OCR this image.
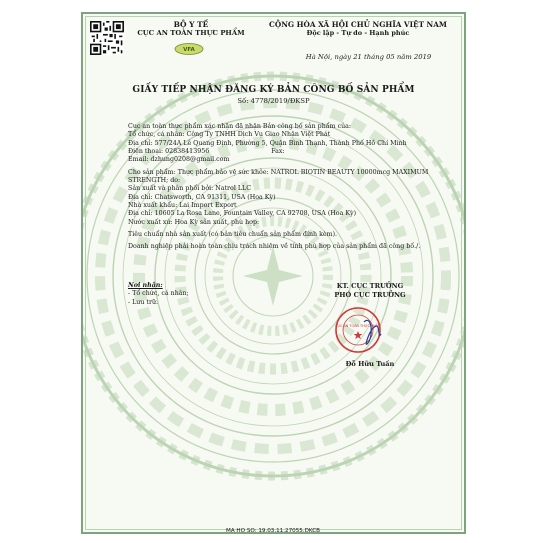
BỘ Y TẾ
CỤC AN TOÀN THỰC PHẨM
VFA
CỘNG HÒA XÃ HỘI CHỦ NGHĨA VIỆT NAM
Độc lập - Tự do - Hạnh phúc
Hà Nội, ngày 21 tháng 05 năm 2019
GIẤY TIẾP NHẬN ĐĂNG KÝ BẢN CÔNG BỐ SẢN PHẨM
Số: 4778/2019/ĐKSP
Cục an toàn thực phẩm xác nhận đã nhận Bản công bố sản phẩm của:
Tổ chức, cá nhân: Công Ty TNHH Dịch Vụ Giao Nhận Việt Phát
Địa chỉ: 577/24A Lê Quang Định, Phường 5, Quận Bình Thạnh, Thành Phố Hồ Chí Minh
Điện thoại: 02838413956	Fax:
Email: dzhung0208@gmail.com
Cho sản phẩm: Thực phẩm bảo vệ sức khỏe: NATROL BIOTIN BEAUTY 10000mcg MAXIMUM STRENGTH; do:
Sản xuất và phân phối bởi: Natrol LLC
Địa chỉ: Chatsworth, CA 91311, USA (Hoa Kỳ)
Nhà xuất khẩu: Lai Import Export
Địa chỉ: 10605 La Rosa Lane, Fountain Valley, CA 92708, USA (Hoa Kỳ)
Nước xuất xứ: Hoa Kỳ sản xuất, phù hợp:
Tiêu chuẩn nhà sản xuất (có bản tiêu chuẩn sản phẩm đính kèm).
Doanh nghiệp phải hoàn toàn chịu trách nhiệm về tính phù hợp của sản phẩm đã công bố./.
Nơi nhận:
- Tổ chức, cá nhân;
- Lưu trữ.
KT. CỤC TRƯỞNG
PHÓ CỤC TRƯỞNG
CỤC AN TOÀN THỰC PHẨM
Đỗ Hữu Tuấn
MA HO SO: 19.03.11.27055.DKCB
